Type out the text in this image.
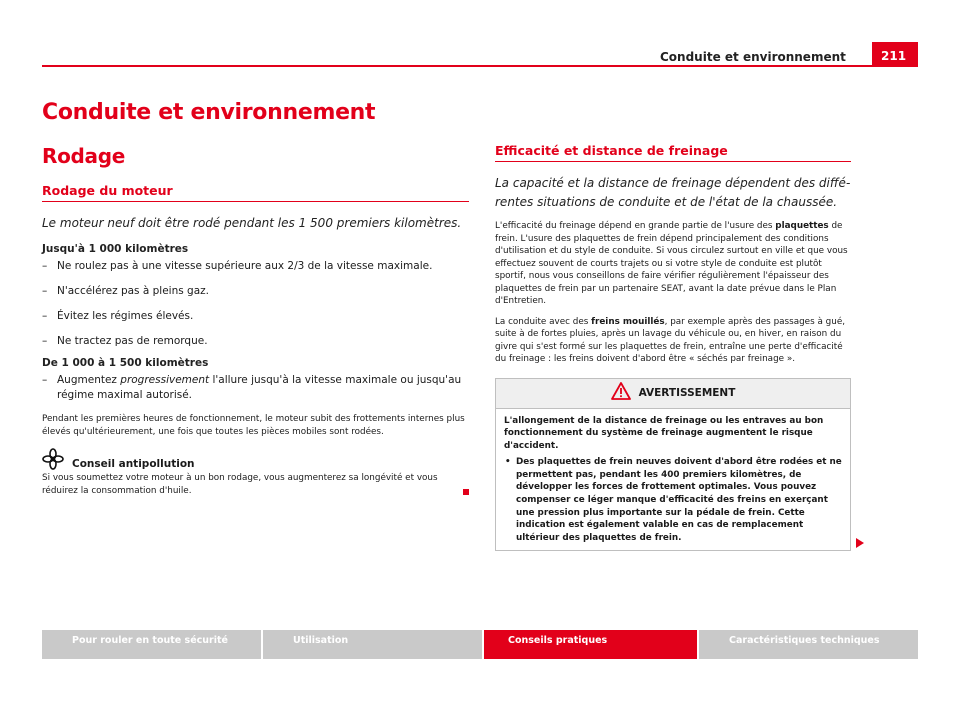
Conduite et environnement	211
Conduite et environnement
Rodage
Rodage du moteur
Le moteur neuf doit être rodé pendant les 1 500 premiers kilomètres.
Jusqu'à 1 000 kilomètres
– Ne roulez pas à une vitesse supérieure aux 2/3 de la vitesse maximale.
– N'accélérez pas à pleins gaz.
– Évitez les régimes élevés.
– Ne tractez pas de remorque.
De 1 000 à 1 500 kilomètres
– Augmentez progressivement l'allure jusqu'à la vitesse maximale ou jusqu'au régime maximal autorisé.
Pendant les premières heures de fonctionnement, le moteur subit des frottements internes plus élevés qu'ultérieurement, une fois que toutes les pièces mobiles sont rodées.
Conseil antipollution
Si vous soumettez votre moteur à un bon rodage, vous augmenterez sa longévité et vous réduirez la consommation d'huile.
Efficacité et distance de freinage
La capacité et la distance de freinage dépendent des différentes situations de conduite et de l'état de la chaussée.
L'efficacité du freinage dépend en grande partie de l'usure des plaquettes de frein. L'usure des plaquettes de frein dépend principalement des conditions d'utilisation et du style de conduite. Si vous circulez surtout en ville et que vous effectuez souvent de courts trajets ou si votre style de conduite est plutôt sportif, nous vous conseillons de faire vérifier régulièrement l'épaisseur des plaquettes de frein par un partenaire SEAT, avant la date prévue dans le Plan d'Entretien.
La conduite avec des freins mouillés, par exemple après des passages à gué, suite à de fortes pluies, après un lavage du véhicule ou, en hiver, en raison du givre qui s'est formé sur les plaquettes de frein, entraîne une perte d'efficacité du freinage : les freins doivent d'abord être « séchés par freinage ».
AVERTISSEMENT
L'allongement de la distance de freinage ou les entraves au bon fonctionnement du système de freinage augmentent le risque d'accident.
• Des plaquettes de frein neuves doivent d'abord être rodées et ne permettent pas, pendant les 400 premiers kilomètres, de développer les forces de frottement optimales. Vous pouvez compenser ce léger manque d'efficacité des freins en exerçant une pression plus importante sur la pédale de frein. Cette indication est également valable en cas de remplacement ultérieur des plaquettes de frein.
Pour rouler en toute sécurité	Utilisation	Conseils pratiques	Caractéristiques techniques
